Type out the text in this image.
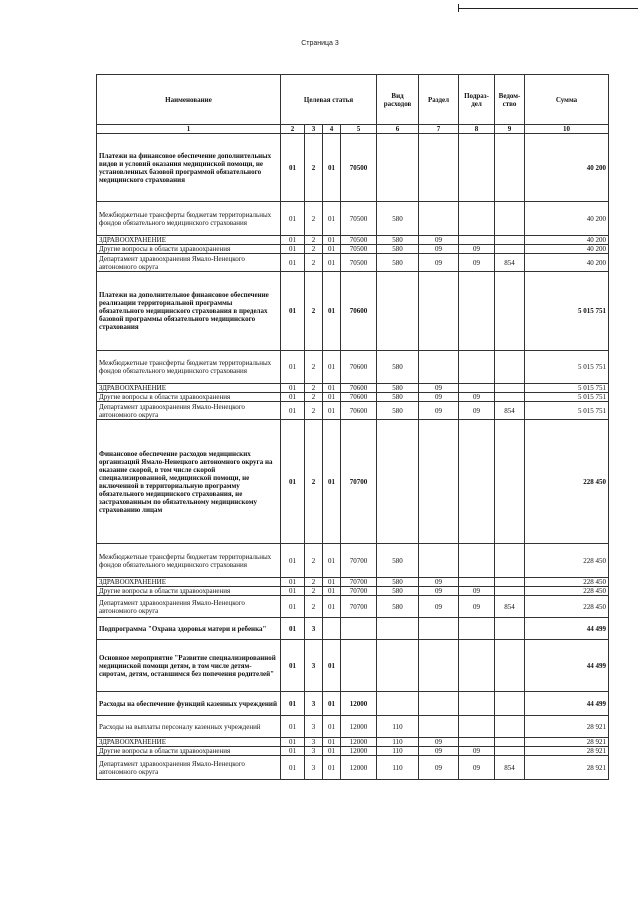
Страница 3
Наименование	Целевая статья				Вид расходов	Раздел	Подраз-дел	Ведом-ство	Сумма
1	2	3	4	5	6	7	8	9	10
Платежи на финансовое обеспечение дополнительных видов и условий оказания медицинской помощи, не установленных базовой программой обязательного медицинского страхования	01	2	01	70500					40 200
Межбюджетные трансферты бюджетам территориальных фондов обязательного медицинского страхования	01	2	01	70500	580				40 200
ЗДРАВООХРАНЕНИЕ	01	2	01	70500	580	09			40 200
Другие вопросы в области здравоохранения	01	2	01	70500	580	09	09		40 200
Департамент здравоохранения Ямало-Ненецкого автономного округа	01	2	01	70500	580	09	09	854	40 200
Платежи на дополнительное финансовое обеспечение реализации территориальной программы обязательного медицинского страхования в пределах базовой программы обязательного медицинского страхования	01	2	01	70600					5 015 751
Межбюджетные трансферты бюджетам территориальных фондов обязательного медицинского страхования	01	2	01	70600	580				5 015 751
ЗДРАВООХРАНЕНИЕ	01	2	01	70600	580	09			5 015 751
Другие вопросы в области здравоохранения	01	2	01	70600	580	09	09		5 015 751
Департамент здравоохранения Ямало-Ненецкого автономного округа	01	2	01	70600	580	09	09	854	5 015 751
Финансовое обеспечение расходов медицинских организаций Ямало-Ненецкого автономного округа на оказание скорой, в том числе скорой специализированной, медицинской помощи, не включенной в территориальную программу обязательного медицинского страхования, не застрахованным по обязательному медицинскому страхованию лицам	01	2	01	70700					228 450
Межбюджетные трансферты бюджетам территориальных фондов обязательного медицинского страхования	01	2	01	70700	580				228 450
ЗДРАВООХРАНЕНИЕ	01	2	01	70700	580	09			228 450
Другие вопросы в области здравоохранения	01	2	01	70700	580	09	09		228 450
Департамент здравоохранения Ямало-Ненецкого автономного округа	01	2	01	70700	580	09	09	854	228 450
Подпрограмма "Охрана здоровья матери и ребенка"	01	3							44 499
Основное мероприятие "Развитие специализированной медицинской помощи детям, в том числе детям-сиротам, детям, оставшимся без попечения родителей"	01	3	01						44 499
Расходы на обеспечение функций казенных учреждений	01	3	01	12000					44 499
Расходы на выплаты персоналу казенных учреждений	01	3	01	12000	110				28 921
ЗДРАВООХРАНЕНИЕ	01	3	01	12000	110	09			28 921
Другие вопросы в области здравоохранения	01	3	01	12000	110	09	09		28 921
Департамент здравоохранения Ямало-Ненецкого автономного округа	01	3	01	12000	110	09	09	854	28 921
